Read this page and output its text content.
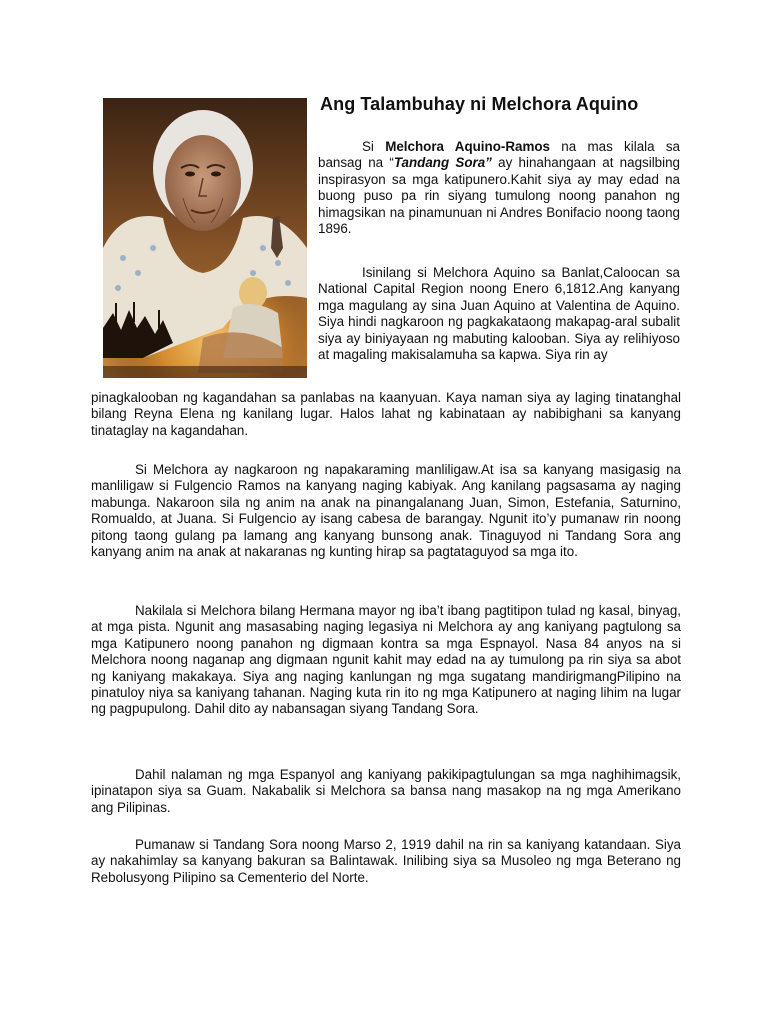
Ang Talambuhay ni Melchora Aquino
Si Melchora Aquino-Ramos na mas kilala sa bansag na “Tandang Sora” ay hinahangaan at nagsilbing inspirasyon sa mga katipunero.Kahit siya ay may edad na buong puso pa rin siyang tumulong noong panahon ng himagsikan na pinamunuan ni Andres Bonifacio noong taong 1896.
Isinilang si Melchora Aquino sa Banlat,Caloocan sa National Capital Region noong Enero 6,1812.Ang kanyang mga magulang ay sina Juan Aquino at Valentina de Aquino. Siya hindi nagkaroon ng pagkakataong makapag-aral subalit siya ay biniyayaan ng mabuting kalooban. Siya ay relihiyoso at magaling makisalamuha sa kapwa. Siya rin ay
pinagkalooban ng kagandahan sa panlabas na kaanyuan. Kaya naman siya ay laging tinatanghal bilang Reyna Elena ng kanilang lugar. Halos lahat ng kabinataan ay nabibighani sa kanyang tinataglay na kagandahan.
Si Melchora ay nagkaroon ng napakaraming manliligaw.At isa sa kanyang masigasig na manliligaw si Fulgencio Ramos na kanyang naging kabiyak. Ang kanilang pagsasama ay naging mabunga. Nakaroon sila ng anim na anak na pinangalanang Juan, Simon, Estefania, Saturnino, Romualdo, at Juana. Si Fulgencio ay isang cabesa de barangay. Ngunit ito’y pumanaw rin noong pitong taong gulang pa lamang ang kanyang bunsong anak. Tinaguyod ni Tandang Sora ang kanyang anim na anak at nakaranas ng kunting hirap sa pagtataguyod sa mga ito.
Nakilala si Melchora bilang Hermana mayor ng iba’t ibang pagtitipon tulad ng kasal, binyag, at mga pista. Ngunit ang masasabing naging legasiya ni Melchora ay ang kaniyang pagtulong sa mga Katipunero noong panahon ng digmaan kontra sa mga Espnayol. Nasa 84 anyos na si Melchora noong naganap ang digmaan ngunit kahit may edad na ay tumulong pa rin siya sa abot ng kaniyang makakaya. Siya ang naging kanlungan ng mga sugatang mandirigmangPilipino na pinatuloy niya sa kaniyang tahanan. Naging kuta rin ito ng mga Katipunero at naging lihim na lugar ng pagpupulong. Dahil dito ay nabansagan siyang Tandang Sora.
Dahil nalaman ng mga Espanyol ang kaniyang pakikipagtulungan sa mga naghihimagsik, ipinatapon siya sa Guam. Nakabalik si Melchora sa bansa nang masakop na ng mga Amerikano ang Pilipinas.
Pumanaw si Tandang Sora noong Marso 2, 1919 dahil na rin sa kaniyang katandaan. Siya ay nakahimlay sa kanyang bakuran sa Balintawak. Inilibing siya sa Musoleo ng mga Beterano ng Rebolusyong Pilipino sa Cementerio del Norte.
